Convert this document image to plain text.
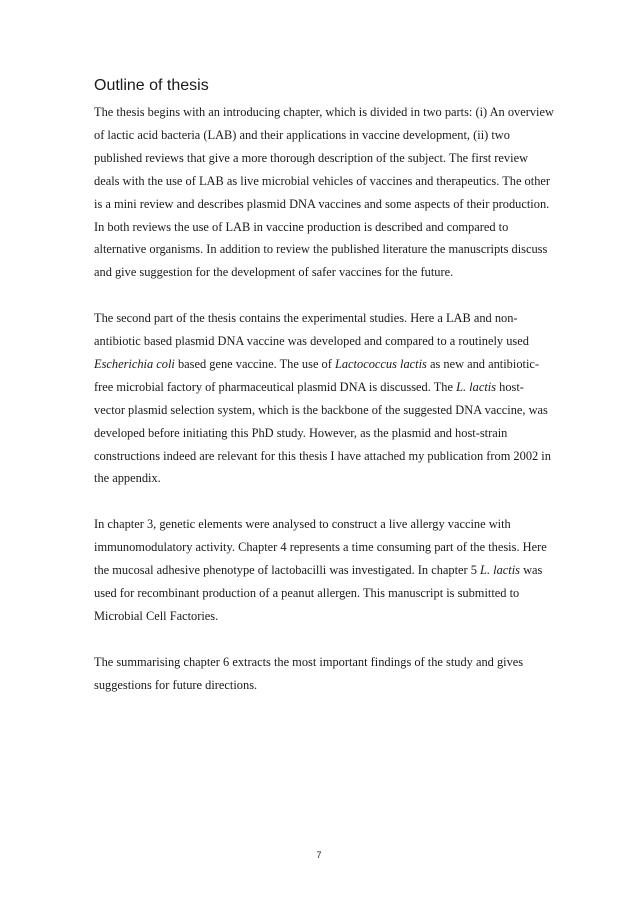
Outline of thesis

The thesis begins with an introducing chapter, which is divided in two parts: (i) An overview of lactic acid bacteria (LAB) and their applications in vaccine development, (ii) two published reviews that give a more thorough description of the subject. The first review deals with the use of LAB as live microbial vehicles of vaccines and therapeutics. The other is a mini review and describes plasmid DNA vaccines and some aspects of their production. In both reviews the use of LAB in vaccine production is described and compared to alternative organisms. In addition to review the published literature the manuscripts discuss and give suggestion for the development of safer vaccines for the future.

The second part of the thesis contains the experimental studies. Here a LAB and non-antibiotic based plasmid DNA vaccine was developed and compared to a routinely used Escherichia coli based gene vaccine. The use of Lactococcus lactis as new and antibiotic-free microbial factory of pharmaceutical plasmid DNA is discussed. The L. lactis host-vector plasmid selection system, which is the backbone of the suggested DNA vaccine, was developed before initiating this PhD study. However, as the plasmid and host-strain constructions indeed are relevant for this thesis I have attached my publication from 2002 in the appendix.

In chapter 3, genetic elements were analysed to construct a live allergy vaccine with immunomodulatory activity. Chapter 4 represents a time consuming part of the thesis. Here the mucosal adhesive phenotype of lactobacilli was investigated. In chapter 5 L. lactis was used for recombinant production of a peanut allergen. This manuscript is submitted to Microbial Cell Factories.

The summarising chapter 6 extracts the most important findings of the study and gives suggestions for future directions.

7
